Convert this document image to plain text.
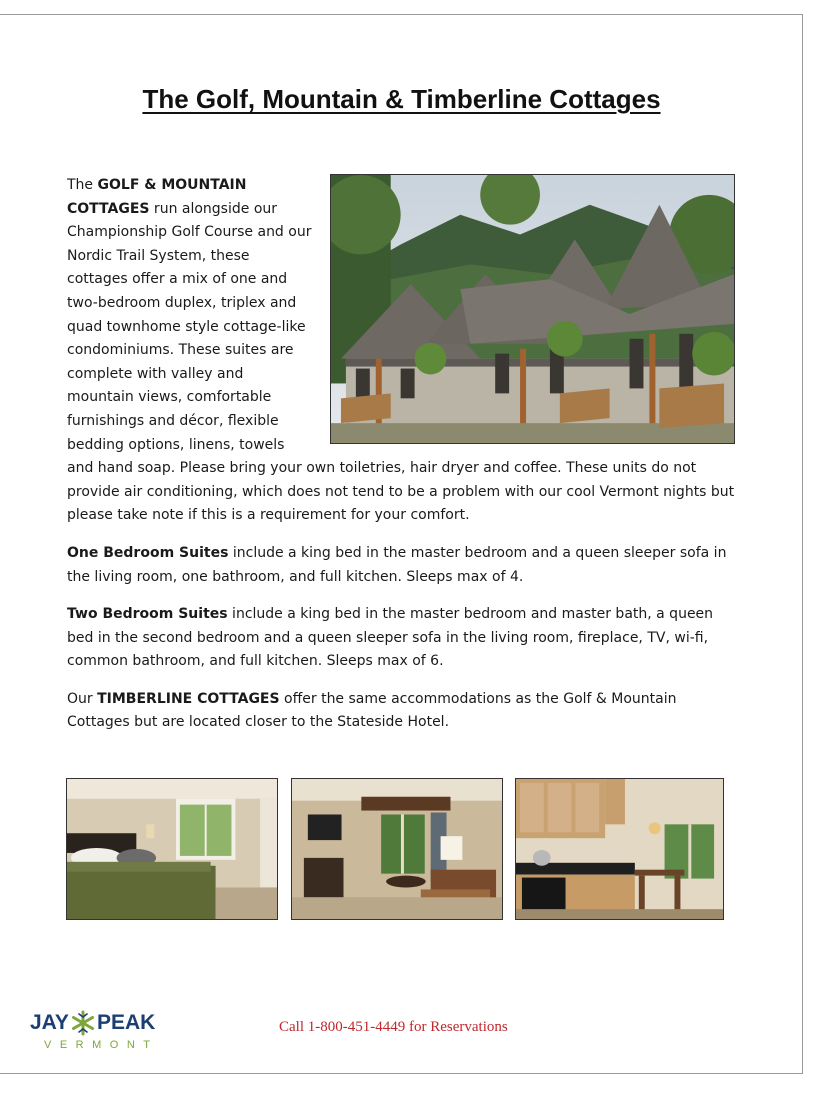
The Golf, Mountain & Timberline Cottages

The GOLF & MOUNTAIN COTTAGES run alongside our Championship Golf Course and our Nordic Trail System, these cottages offer a mix of one and two-bedroom duplex, triplex and quad townhome style cottage-like condominiums. These suites are complete with valley and mountain views, comfortable furnishings and décor, flexible bedding options, linens, towels and hand soap. Please bring your own toiletries, hair dryer and coffee. These units do not provide air conditioning, which does not tend to be a problem with our cool Vermont nights but please take note if this is a requirement for your comfort.

One Bedroom Suites include a king bed in the master bedroom and a queen sleeper sofa in the living room, one bathroom, and full kitchen. Sleeps max of 4.

Two Bedroom Suites include a king bed in the master bedroom and master bath, a queen bed in the second bedroom and a queen sleeper sofa in the living room, fireplace, TV, wi-fi, common bathroom, and full kitchen. Sleeps max of 6.

Our TIMBERLINE COTTAGES offer the same accommodations as the Golf & Mountain Cottages but are located closer to the Stateside Hotel.

JAY PEAK
VERMONT
Call 1-800-451-4449 for Reservations
